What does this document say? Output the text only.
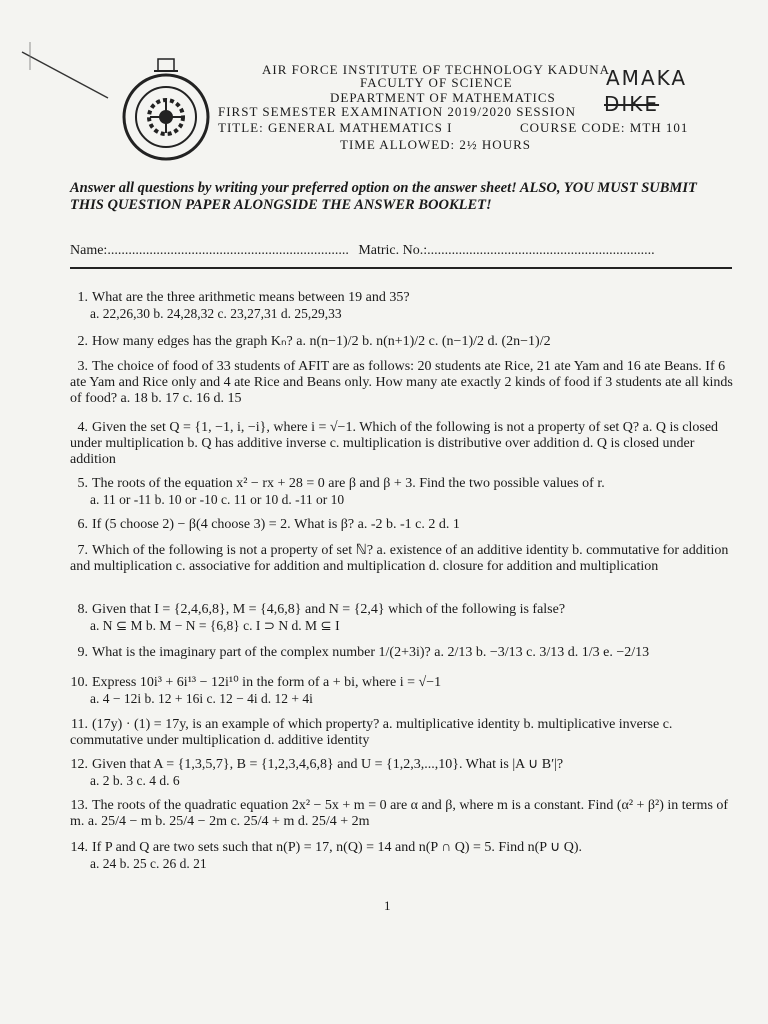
AIR FORCE INSTITUTE OF TECHNOLOGY KADUNA
FACULTY OF SCIENCE
DEPARTMENT OF MATHEMATICS
FIRST SEMESTER EXAMINATION 2019/2020 SESSION
TITLE: GENERAL MATHEMATICS I	COURSE CODE: MTH 101
TIME ALLOWED: 2½ HOURS
AMAKA
DIKE
Answer all questions by writing your preferred option on the answer sheet! ALSO, YOU MUST SUBMIT THIS QUESTION PAPER ALONGSIDE THE ANSWER BOOKLET!
Name:..................................................................... Matric. No.:.................................................................
1. What are the three arithmetic means between 19 and 35?
a. 22,26,30 b. 24,28,32 c. 23,27,31 d. 25,29,33
2. How many edges has the graph Kₙ? a. n(n−1)/2 b. n(n+1)/2 c. (n−1)/2 d. (2n−1)/2
3. The choice of food of 33 students of AFIT are as follows: 20 students ate Rice, 21 ate Yam and 16 ate Beans. If 6 ate Yam and Rice only and 4 ate Rice and Beans only. How many ate exactly 2 kinds of food if 3 students ate all kinds of food? a. 18 b. 17 c. 16 d. 15
4. Given the set Q = {1, −1, i, −i}, where i = √−1. Which of the following is not a property of set Q? a. Q is closed under multiplication b. Q has additive inverse c. multiplication is distributive over addition d. Q is closed under addition
5. The roots of the equation x² − rx + 28 = 0 are β and β + 3. Find the two possible values of r.
a. 11 or -11 b. 10 or -10 c. 11 or 10 d. -11 or 10
6. If (5 choose 2) − β(4 choose 3) = 2. What is β? a. -2 b. -1 c. 2 d. 1
7. Which of the following is not a property of set ℕ? a. existence of an additive identity b. commutative for addition and multiplication c. associative for addition and multiplication d. closure for addition and multiplication
8. Given that I = {2,4,6,8}, M = {4,6,8} and N = {2,4} which of the following is false?
a. N ⊆ M b. M − N = {6,8} c. I ⊃ N d. M ⊆ I
9. What is the imaginary part of the complex number 1/(2+3i)? a. 2/13 b. −3/13 c. 3/13 d. 1/3 e. −2/13
10. Express 10i³ + 6i¹³ − 12i¹⁰ in the form of a + bi, where i = √−1
a. 4 − 12i b. 12 + 16i c. 12 − 4i d. 12 + 4i
11. (17y) · (1) = 17y, is an example of which property? a. multiplicative identity b. multiplicative inverse c. commutative under multiplication d. additive identity
12. Given that A = {1,3,5,7}, B = {1,2,3,4,6,8} and U = {1,2,3,...,10}. What is |A ∪ B′|?
a. 2 b. 3 c. 4 d. 6
13. The roots of the quadratic equation 2x² − 5x + m = 0 are α and β, where m is a constant. Find (α² + β²) in terms of m. a. 25/4 − m b. 25/4 − 2m c. 25/4 + m d. 25/4 + 2m
14. If P and Q are two sets such that n(P) = 17, n(Q) = 14 and n(P ∩ Q) = 5. Find n(P ∪ Q).
a. 24 b. 25 c. 26 d. 21
1
